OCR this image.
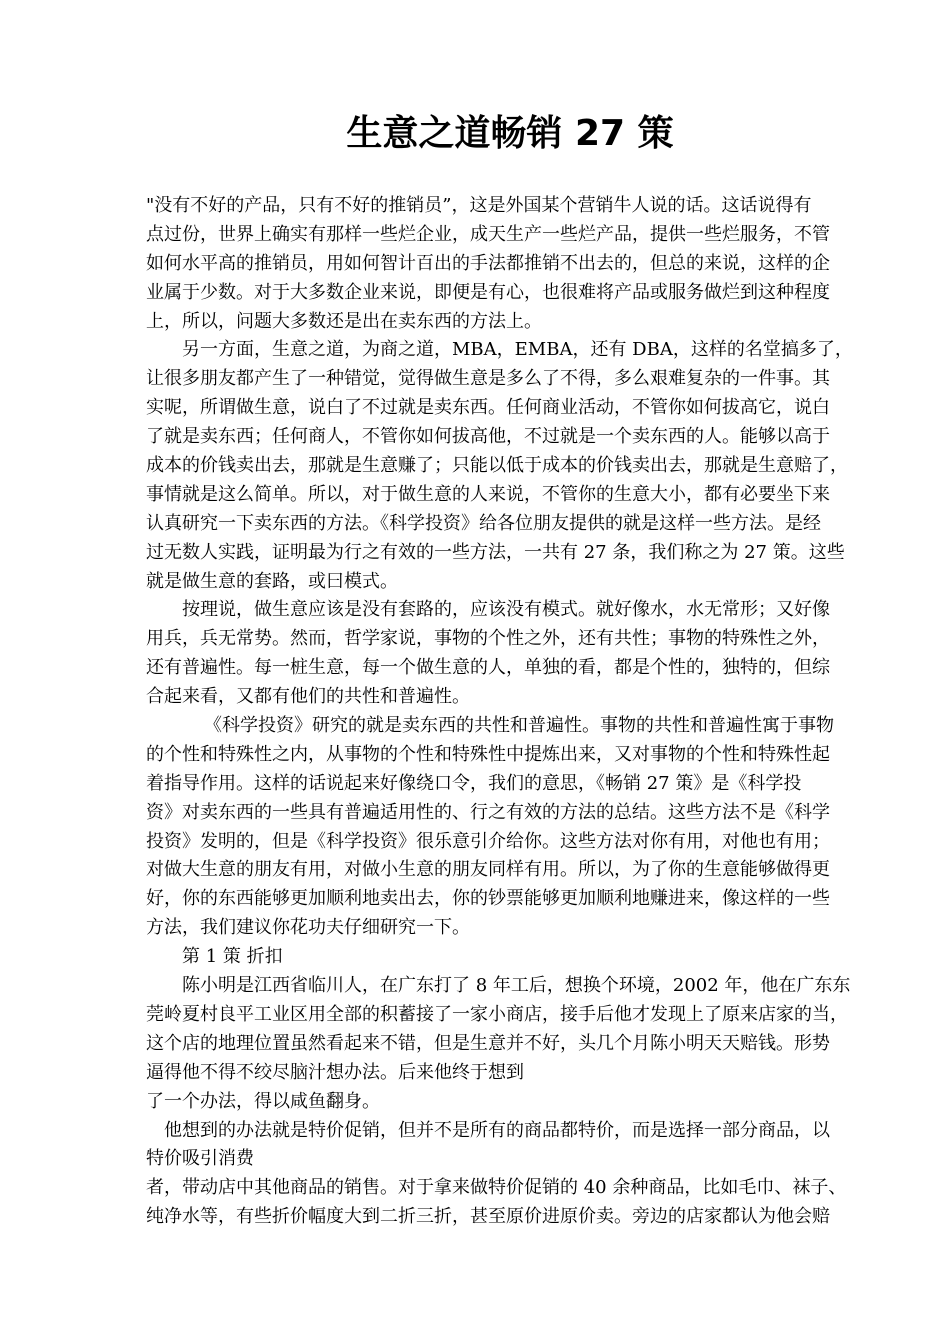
生意之道畅销 27 策
"没有不好的产品，只有不好的推销员”，这是外国某个营销牛人说的话。这话说得有
点过份，世界上确实有那样一些烂企业，成天生产一些烂产品，提供一些烂服务，不管
如何水平高的推销员，用如何智计百出的手法都推销不出去的，但总的来说，这样的企
业属于少数。对于大多数企业来说，即便是有心，也很难将产品或服务做烂到这种程度
上，所以，问题大多数还是出在卖东西的方法上。
另一方面，生意之道，为商之道，MBA，EMBA，还有 DBA，这样的名堂搞多了，
让很多朋友都产生了一种错觉，觉得做生意是多么了不得，多么艰难复杂的一件事。其
实呢，所谓做生意，说白了不过就是卖东西。任何商业活动，不管你如何拔高它，说白
了就是卖东西；任何商人，不管你如何拔高他，不过就是一个卖东西的人。能够以高于
成本的价钱卖出去，那就是生意赚了；只能以低于成本的价钱卖出去，那就是生意赔了，
事情就是这么简单。所以，对于做生意的人来说，不管你的生意大小，都有必要坐下来
认真研究一下卖东西的方法。《科学投资》给各位朋友提供的就是这样一些方法。是经
过无数人实践，证明最为行之有效的一些方法，一共有 27 条，我们称之为 27 策。这些
就是做生意的套路，或曰模式。
按理说，做生意应该是没有套路的，应该没有模式。就好像水，水无常形；又好像
用兵，兵无常势。然而，哲学家说，事物的个性之外，还有共性；事物的特殊性之外，
还有普遍性。每一桩生意，每一个做生意的人，单独的看，都是个性的，独特的，但综
合起来看，又都有他们的共性和普遍性。
《科学投资》研究的就是卖东西的共性和普遍性。事物的共性和普遍性寓于事物
的个性和特殊性之内，从事物的个性和特殊性中提炼出来，又对事物的个性和特殊性起
着指导作用。这样的话说起来好像绕口令，我们的意思，《畅销 27 策》是《科学投
资》对卖东西的一些具有普遍适用性的、行之有效的方法的总结。这些方法不是《科学
投资》发明的，但是《科学投资》很乐意引介给你。这些方法对你有用，对他也有用；
对做大生意的朋友有用，对做小生意的朋友同样有用。所以，为了你的生意能够做得更
好，你的东西能够更加顺利地卖出去，你的钞票能够更加顺利地赚进来，像这样的一些
方法，我们建议你花功夫仔细研究一下。
第 1 策 折扣
陈小明是江西省临川人，在广东打了 8 年工后，想换个环境，2002 年，他在广东东
莞岭夏村良平工业区用全部的积蓄接了一家小商店，接手后他才发现上了原来店家的当，
这个店的地理位置虽然看起来不错，但是生意并不好，头几个月陈小明天天赔钱。形势
逼得他不得不绞尽脑汁想办法。后来他终于想到
了一个办法，得以咸鱼翻身。
他想到的办法就是特价促销，但并不是所有的商品都特价，而是选择一部分商品，以
特价吸引消费
者，带动店中其他商品的销售。对于拿来做特价促销的 40 余种商品，比如毛巾、袜子、
纯净水等，有些折价幅度大到二折三折，甚至原价进原价卖。旁边的店家都认为他会赔
